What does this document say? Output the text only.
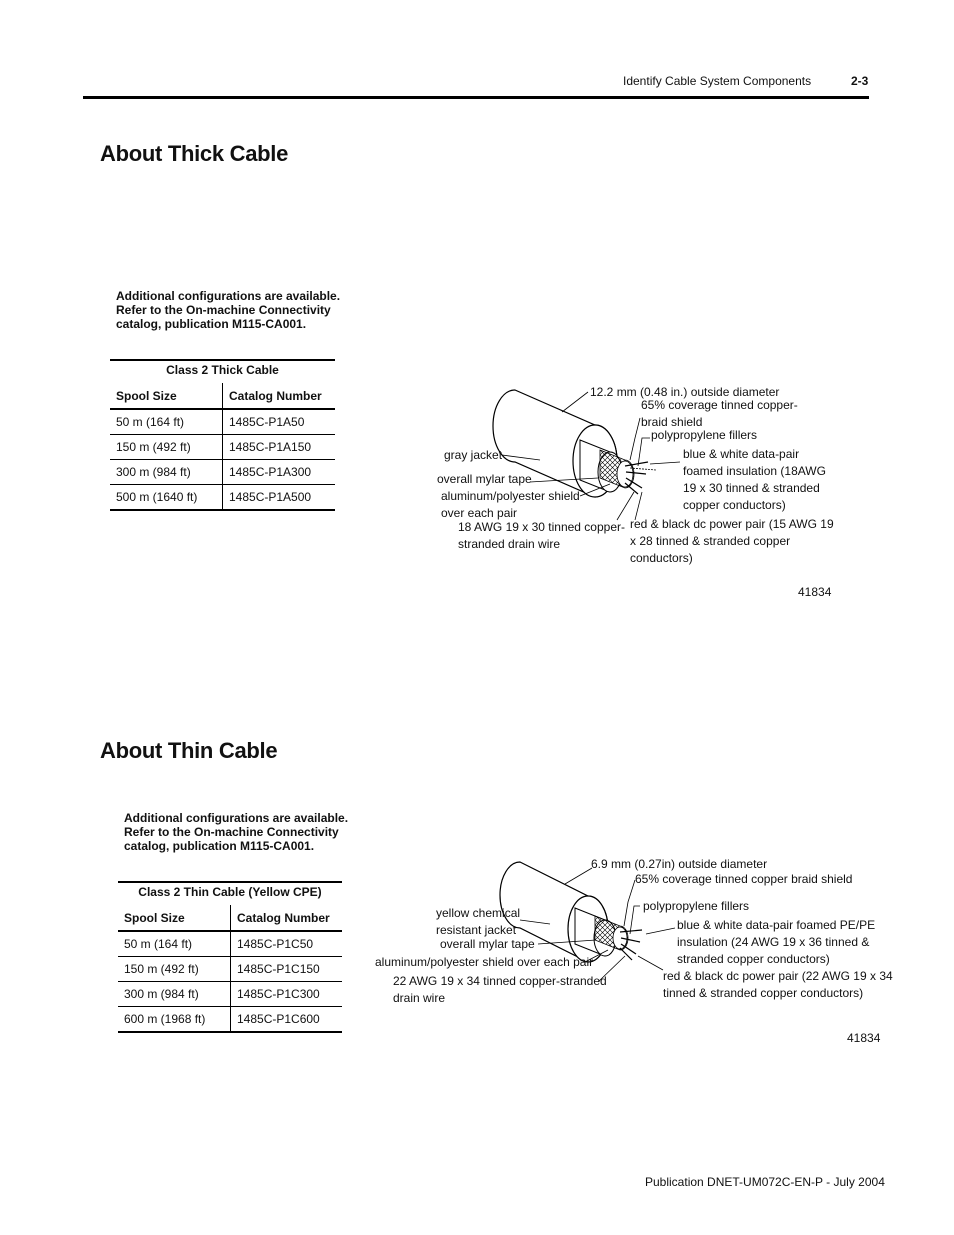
Identify Cable System Components	2-3
About Thick Cable
Additional configurations are available.
Refer to the On-machine Connectivity
catalog, publication M115-CA001.
Class 2 Thick Cable
Spool Size	Catalog Number
50 m (164 ft)	1485C-P1A50
150 m (492 ft)	1485C-P1A150
300 m (984 ft)	1485C-P1A300
500 m (1640 ft)	1485C-P1A500
12.2 mm (0.48 in.) outside diameter
65% coverage tinned copper-
braid shield
polypropylene fillers
gray jacket	blue & white data-pair
foamed insulation (18AWG
19 x 30 tinned & stranded
copper conductors)
overall mylar tape
aluminum/polyester shield
over each pair
18 AWG 19 x 30 tinned copper-
stranded drain wire
red & black dc power pair (15 AWG 19
x 28 tinned & stranded copper
conductors)
41834
About Thin Cable
Additional configurations are available.
Refer to the On-machine Connectivity
catalog, publication M115-CA001.
Class 2 Thin Cable (Yellow CPE)
Spool Size	Catalog Number
50 m (164 ft)	1485C-P1C50
150 m (492 ft)	1485C-P1C150
300 m (984 ft)	1485C-P1C300
600 m (1968 ft)	1485C-P1C600
6.9 mm (0.27in) outside diameter
65% coverage tinned copper braid shield
yellow chemical
resistant jacket
polypropylene fillers
blue & white data-pair foamed PE/PE
insulation (24 AWG 19 x 36 tinned &
stranded copper conductors)
overall mylar tape
aluminum/polyester shield over each pair
red & black dc power pair (22 AWG 19 x 34
tinned & stranded copper conductors)
22 AWG 19 x 34 tinned copper-stranded
drain wire
41834
Publication DNET-UM072C-EN-P - July 2004
